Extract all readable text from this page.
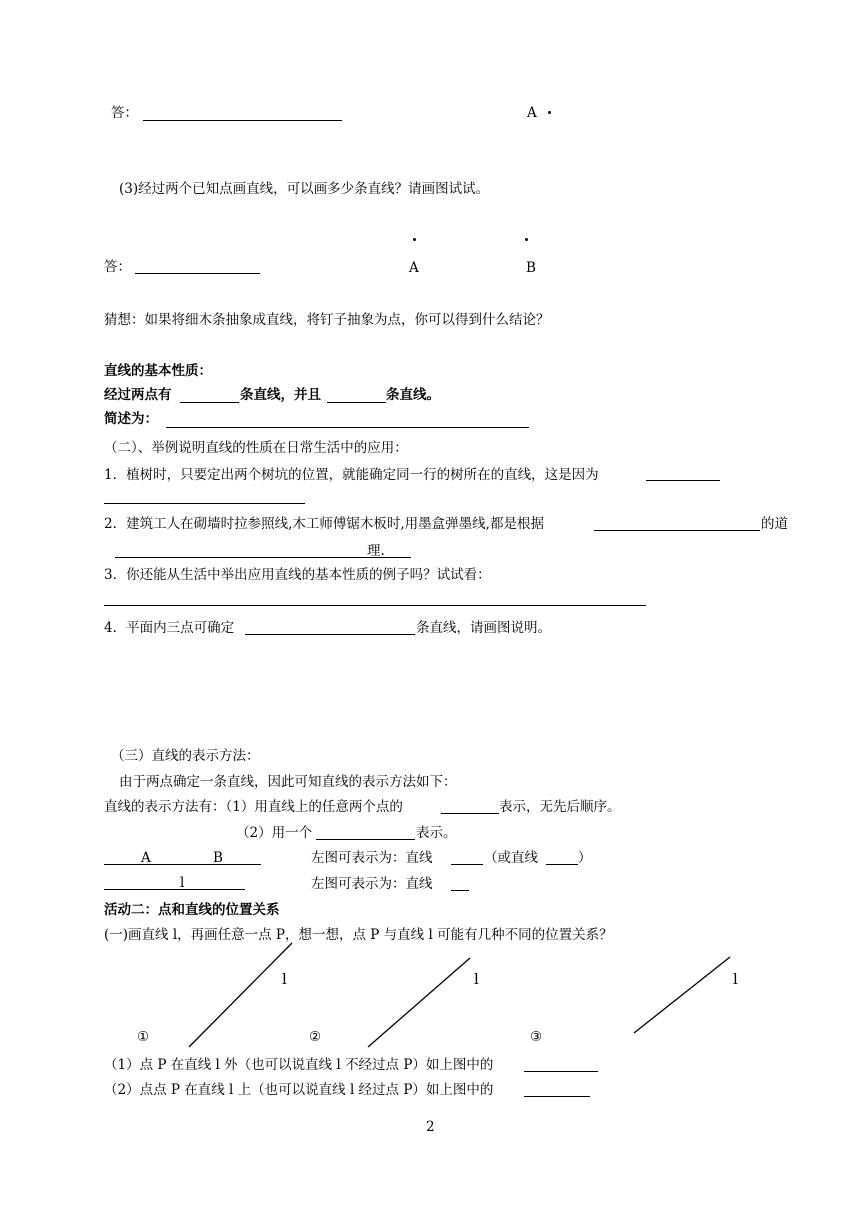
答：	A
(3)经过两个已知点画直线，可以画多少条直线？请画图试试。
答：	A	B
猜想：如果将细木条抽象成直线，将钉子抽象为点，你可以得到什么结论？
直线的基本性质：
经过两点有	条直线，并且	条直线。
简述为：
（二）、举例说明直线的性质在日常生活中的应用：
1．植树时，只要定出两个树坑的位置，就能确定同一行的树所在的直线，这是因为
2．建筑工人在砌墙时拉参照线,木工师傅锯木板时,用墨盒弹墨线,都是根据	的道
理.
3．你还能从生活中举出应用直线的基本性质的例子吗？试试看：
4．平面内三点可确定	条直线，请画图说明。
（三）直线的表示方法：
由于两点确定一条直线，因此可知直线的表示方法如下：
直线的表示方法有：（1）用直线上的任意两个点的	表示，无先后顺序。
（2）用一个	表示。
A	B	左图可表示为：直线	（或直线	）
l	左图可表示为：直线
活动二：点和直线的位置关系
(一)画直线 l，再画任意一点 P，想一想，点 P 与直线 l 可能有几种不同的位置关系？
l	l	l
①	②	③
（1）点 P 在直线 l 外（也可以说直线 l 不经过点 P）如上图中的
（2）点点 P 在直线 l 上（也可以说直线 l 经过点 P）如上图中的
2
